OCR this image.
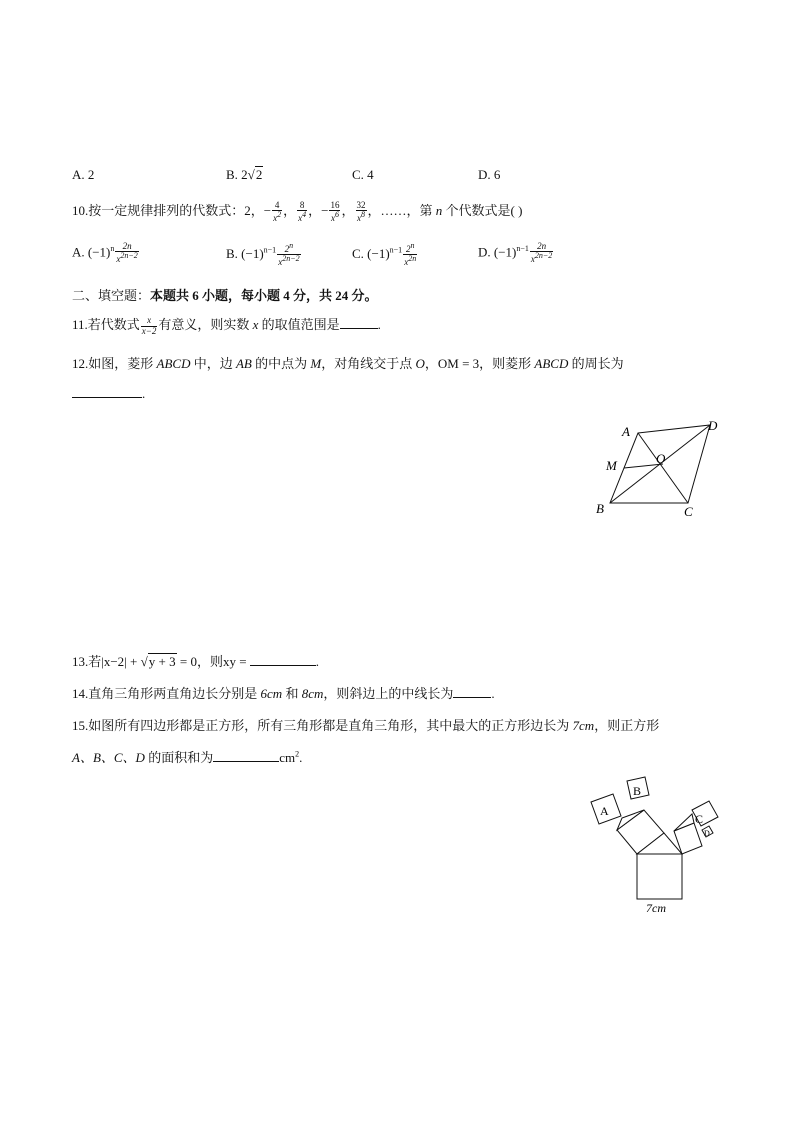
A. 2	B. 2√2	C. 4	D. 6
10.按一定规律排列的代数式：2，− $\frac{4}{x^2}$ ， $\frac{8}{x^4}$ ，− $\frac{16}{x^6}$ ， $\frac{32}{x^8}$ ，……，第 n 个代数式是( )
A. $(-1)^n \frac{2n}{x^{2n-2}}$	B. $(-1)^{n-1} \frac{2^n}{x^{2n-2}}$	C. $(-1)^{n-1} \frac{2^n}{x^{2n}}$	D. $(-1)^{n-1} \frac{2n}{x^{2n-2}}$
二、填空题：本题共 6 小题，每小题 4 分，共 24 分。
11.若代数式 $\frac{x}{x-2}$ 有意义，则实数 x 的取值范围是	.
12.如图，菱形 ABCD 中，边 AB 的中点为 M，对角线交于点 O，OM = 3，则菱形 ABCD 的周长为
.
A	D
M	O
B	C
13.若|x−2| + √y + 3 = 0，则xy =	.
14.直角三角形两直角边长分别是 6cm 和 8cm，则斜边上的中线长为	.
15.如图所有四边形都是正方形，所有三角形都是直角三角形，其中最大的正方形边长为 7cm，则正方形
A、B、C、D 的面积和为	$cm^2$.
A
B
C
D
7cm
